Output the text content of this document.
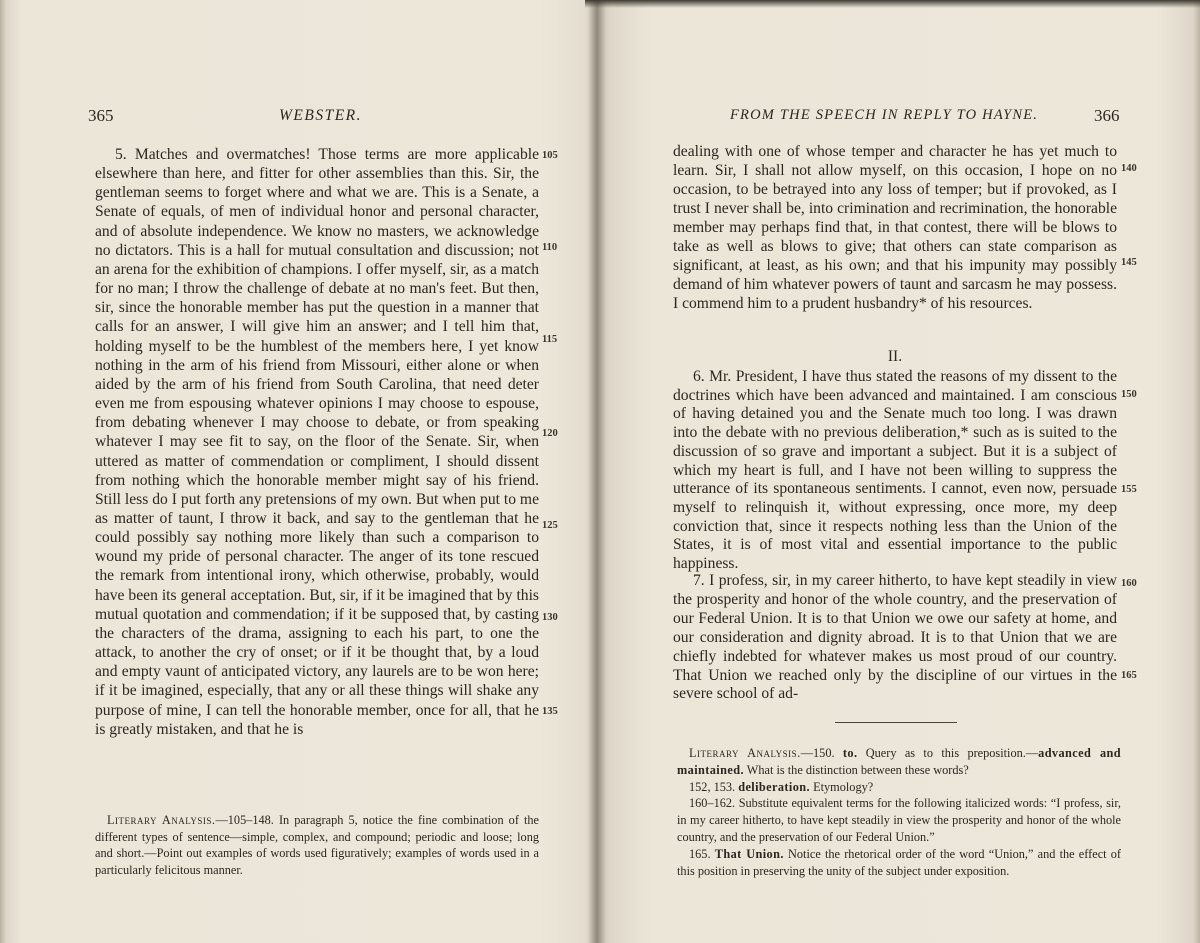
365	WEBSTER.

5. Matches and overmatches! Those terms are more applicable elsewhere than here, and fitter for other assemblies than this. Sir, the gentleman seems to forget where and what we are. This is a Senate, a Senate of equals, of men of individual honor and personal character, and of absolute independence. We know no masters, we acknowledge no dictators. This is a hall for mutual consultation and discussion; not an arena for the exhibition of champions. I offer myself, sir, as a match for no man; I throw the challenge of debate at no man's feet. But then, sir, since the honorable member has put the question in a manner that calls for an answer, I will give him an answer; and I tell him that, holding myself to be the humblest of the members here, I yet know nothing in the arm of his friend from Missouri, either alone or when aided by the arm of his friend from South Carolina, that need deter even me from espousing whatever opinions I may choose to espouse, from debating whenever I may choose to debate, or from speaking whatever I may see fit to say, on the floor of the Senate. Sir, when uttered as matter of commendation or compliment, I should dissent from nothing which the honorable member might say of his friend. Still less do I put forth any pretensions of my own. But when put to me as matter of taunt, I throw it back, and say to the gentleman that he could possibly say nothing more likely than such a comparison to wound my pride of personal character. The anger of its tone rescued the remark from intentional irony, which otherwise, probably, would have been its general acceptation. But, sir, if it be imagined that by this mutual quotation and commendation; if it be supposed that, by casting the characters of the drama, assigning to each his part, to one the attack, to another the cry of onset; or if it be thought that, by a loud and empty vaunt of anticipated victory, any laurels are to be won here; if it be imagined, especially, that any or all these things will shake any purpose of mine, I can tell the honorable member, once for all, that he is greatly mistaken, and that he is

105
110
115
120
125
130
135

Literary Analysis.—105–148. In paragraph 5, notice the fine combination of the different types of sentence—simple, complex, and compound; periodic and loose; long and short.—Point out examples of words used figuratively; examples of words used in a particularly felicitous manner.

FROM THE SPEECH IN REPLY TO HAYNE.	366

dealing with one of whose temper and character he has yet much to learn. Sir, I shall not allow myself, on this occasion, I hope on no occasion, to be betrayed into any loss of temper; but if provoked, as I trust I never shall be, into crimination and recrimination, the honorable member may perhaps find that, in that contest, there will be blows to take as well as blows to give; that others can state comparison as significant, at least, as his own; and that his impunity may possibly demand of him whatever powers of taunt and sarcasm he may possess. I commend him to a prudent husbandry* of his resources.

II.

6. Mr. President, I have thus stated the reasons of my dissent to the doctrines which have been advanced and maintained. I am conscious of having detained you and the Senate much too long. I was drawn into the debate with no previous deliberation,* such as is suited to the discussion of so grave and important a subject. But it is a subject of which my heart is full, and I have not been willing to suppress the utterance of its spontaneous sentiments. I cannot, even now, persuade myself to relinquish it, without expressing, once more, my deep conviction that, since it respects nothing less than the Union of the States, it is of most vital and essential importance to the public happiness.

7. I profess, sir, in my career hitherto, to have kept steadily in view the prosperity and honor of the whole country, and the preservation of our Federal Union. It is to that Union we owe our safety at home, and our consideration and dignity abroad. It is to that Union that we are chiefly indebted for whatever makes us most proud of our country. That Union we reached only by the discipline of our virtues in the severe school of ad-

140
145
150
155
160
165

Literary Analysis.—150. to. Query as to this preposition.—advanced and maintained. What is the distinction between these words?

152, 153. deliberation. Etymology?

160–162. Substitute equivalent terms for the following italicized words: “I profess, sir, in my career hitherto, to have kept steadily in view the prosperity and honor of the whole country, and the preservation of our Federal Union.”

165. That Union. Notice the rhetorical order of the word “Union,” and the effect of this position in preserving the unity of the subject under exposition.
